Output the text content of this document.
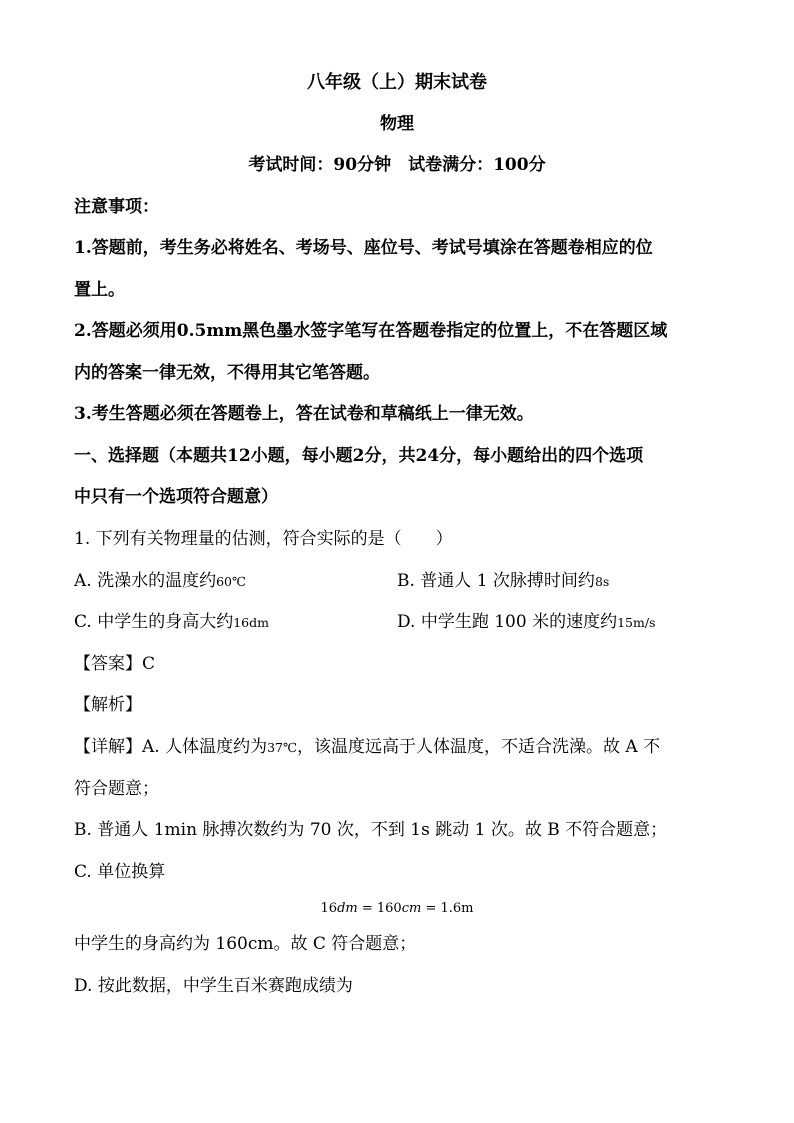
八年级（上）期末试卷
物理
考试时间：90分钟　试卷满分：100分
注意事项：
1.答题前，考生务必将姓名、考场号、座位号、考试号填涂在答题卷相应的位
置上。
2.答题必须用0.5mm黑色墨水签字笔写在答题卷指定的位置上，不在答题区域
内的答案一律无效，不得用其它笔答题。
3.考生答题必须在答题卷上，答在试卷和草稿纸上一律无效。
一、选择题（本题共12小题，每小题2分，共24分，每小题给出的四个选项
中只有一个选项符合题意）
1. 下列有关物理量的估测，符合实际的是（　　）
A. 洗澡水的温度约60℃	B. 普通人 1 次脉搏时间约8s
C. 中学生的身高大约16dm	D. 中学生跑 100 米的速度约15m/s
【答案】C
【解析】
【详解】A. 人体温度约为37℃，该温度远高于人体温度，不适合洗澡。故 A 不
符合题意；
B. 普通人 1min 脉搏次数约为 70 次，不到 1s 跳动 1 次。故 B 不符合题意；
C. 单位换算
16dm = 160cm = 1.6m
中学生的身高约为 160cm。故 C 符合题意；
D. 按此数据，中学生百米赛跑成绩为
